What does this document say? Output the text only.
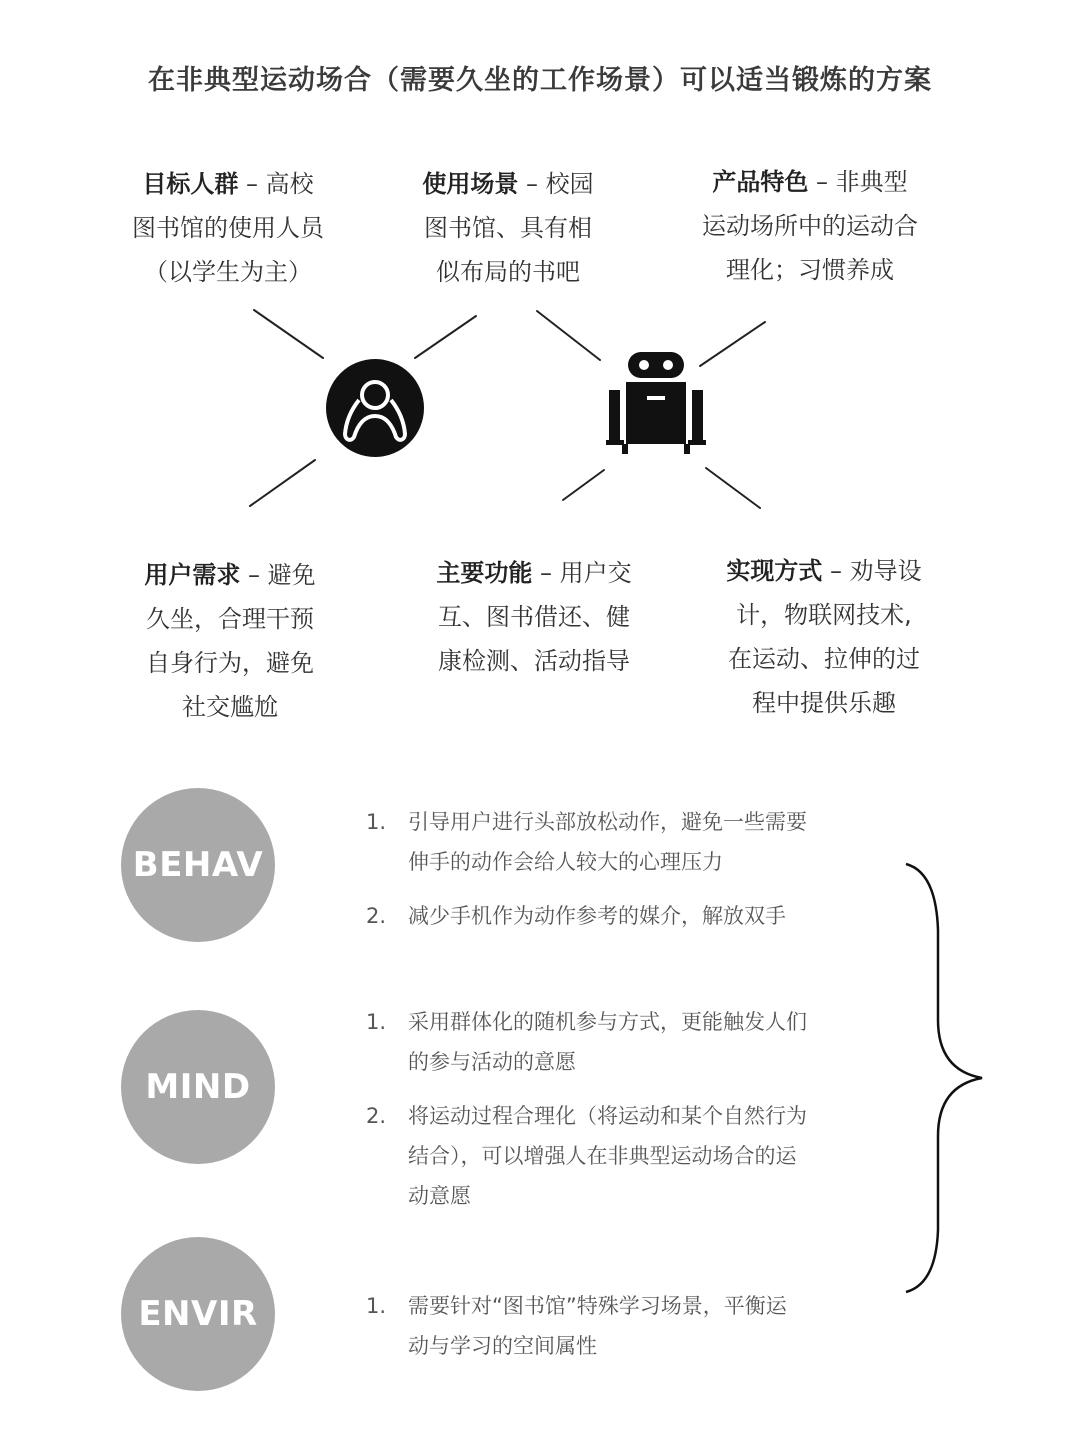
在非典型运动场合（需要久坐的工作场景）可以适当锻炼的方案
目标人群 – 高校
图书馆的使用人员
（以学生为主）
使用场景 – 校园
图书馆、具有相
似布局的书吧
产品特色 – 非典型
运动场所中的运动合
理化；习惯养成
用户需求 – 避免
久坐，合理干预
自身行为，避免
社交尴尬
主要功能 – 用户交
互、图书借还、健
康检测、活动指导
实现方式 – 劝导设
计，物联网技术,
在运动、拉伸的过
程中提供乐趣
BEHAV
MIND
ENVIR
1.	引导用户进行头部放松动作，避免一些需要
伸手的动作会给人较大的心理压力
2.	减少手机作为动作参考的媒介，解放双手
1.	采用群体化的随机参与方式，更能触发人们
的参与活动的意愿
2.	将运动过程合理化（将运动和某个自然行为
结合），可以增强人在非典型运动场合的运
动意愿
1.	需要针对“图书馆”特殊学习场景，平衡运
动与学习的空间属性
